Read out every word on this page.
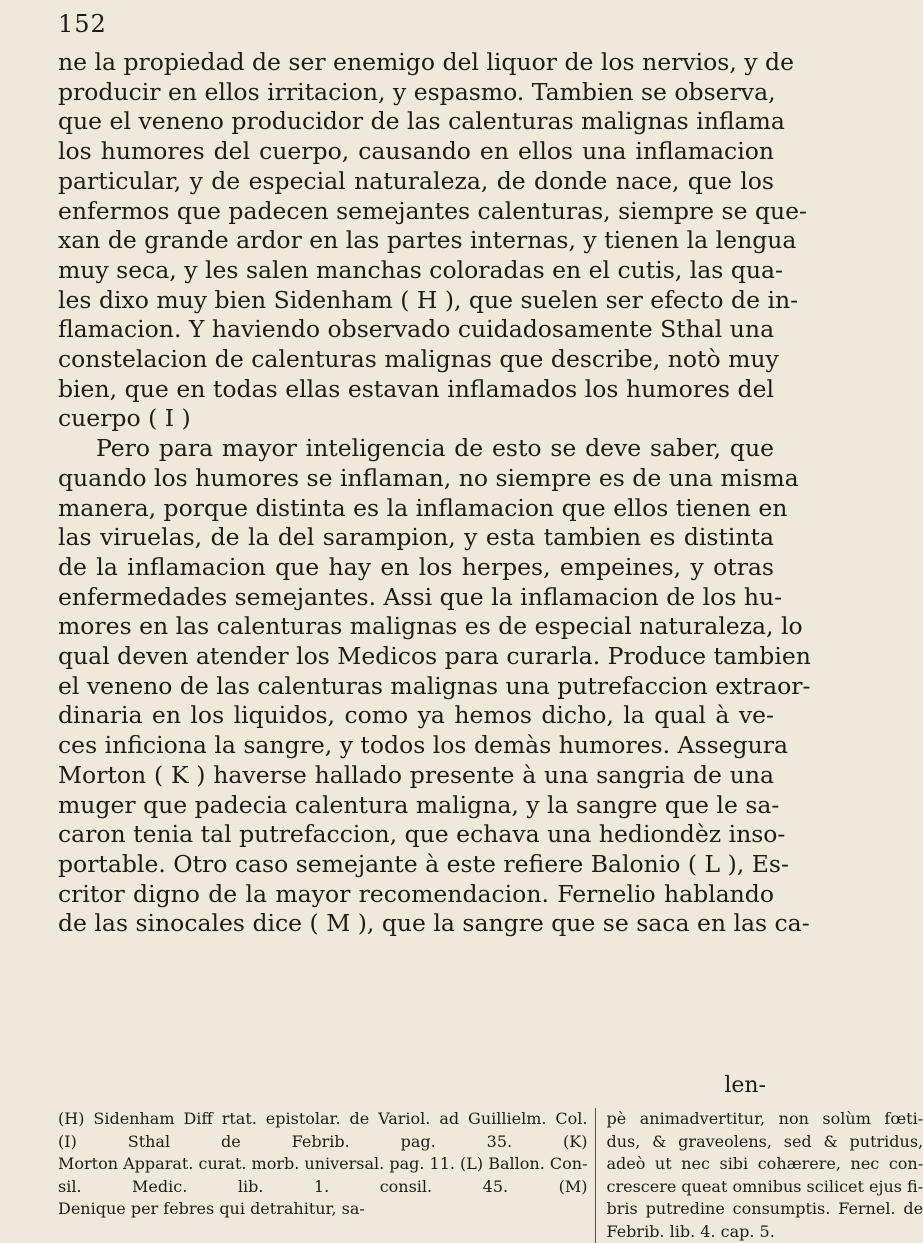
152
ne la propiedad de ser enemigo del liquor de los nervios, y de
producir en ellos irritacion, y espasmo. Tambien se observa,
que el veneno producidor de las calenturas malignas inflama
los humores del cuerpo, causando en ellos una inflamacion
particular, y de especial naturaleza, de donde nace, que los
enfermos que padecen semejantes calenturas, siempre se que-
xan de grande ardor en las partes internas, y tienen la lengua
muy seca, y les salen manchas coloradas en el cutis, las qua-
les dixo muy bien Sidenham ( H ), que suelen ser efecto de in-
flamacion. Y haviendo observado cuidadosamente Sthal una
constelacion de calenturas malignas que describe, notò muy
bien, que en todas ellas estavan inflamados los humores del
cuerpo ( I )
Pero para mayor inteligencia de esto se deve saber, que
quando los humores se inflaman, no siempre es de una misma
manera, porque distinta es la inflamacion que ellos tienen en
las viruelas, de la del sarampion, y esta tambien es distinta
de la inflamacion que hay en los herpes, empeines, y otras
enfermedades semejantes. Assi que la inflamacion de los hu-
mores en las calenturas malignas es de especial naturaleza, lo
qual deven atender los Medicos para curarla. Produce tambien
el veneno de las calenturas malignas una putrefaccion extraor-
dinaria en los liquidos, como ya hemos dicho, la qual à ve-
ces inficiona la sangre, y todos los demàs humores. Assegura
Morton ( K ) haverse hallado presente à una sangria de una
muger que padecia calentura maligna, y la sangre que le sa-
caron tenia tal putrefaccion, que echava una hediondèz inso-
portable. Otro caso semejante à este refiere Balonio ( L ), Es-
critor digno de la mayor recomendacion. Fernelio hablando
de las sinocales dice ( M ), que la sangre que se saca en las ca-
len-
(H) Sidenham Diff rtat. epistolar. de Variol. ad Guillielm. Col.
(I) Sthal de Febrib. pag. 35. (K)
Morton Apparat. curat. morb. universal. pag. 11. (L) Ballon. Con-
sil. Medic. lib. 1. consil. 45. (M)
Denique per febres qui detrahitur, sa-
pè animadvertitur, non solùm fœti-
dus, & graveolens, sed & putridus,
adeò ut nec sibi cohærere, nec con-
crescere queat omnibus scilicet ejus fi-
bris putredine consumptis. Fernel. de
Febrib. lib. 4. cap. 5.
